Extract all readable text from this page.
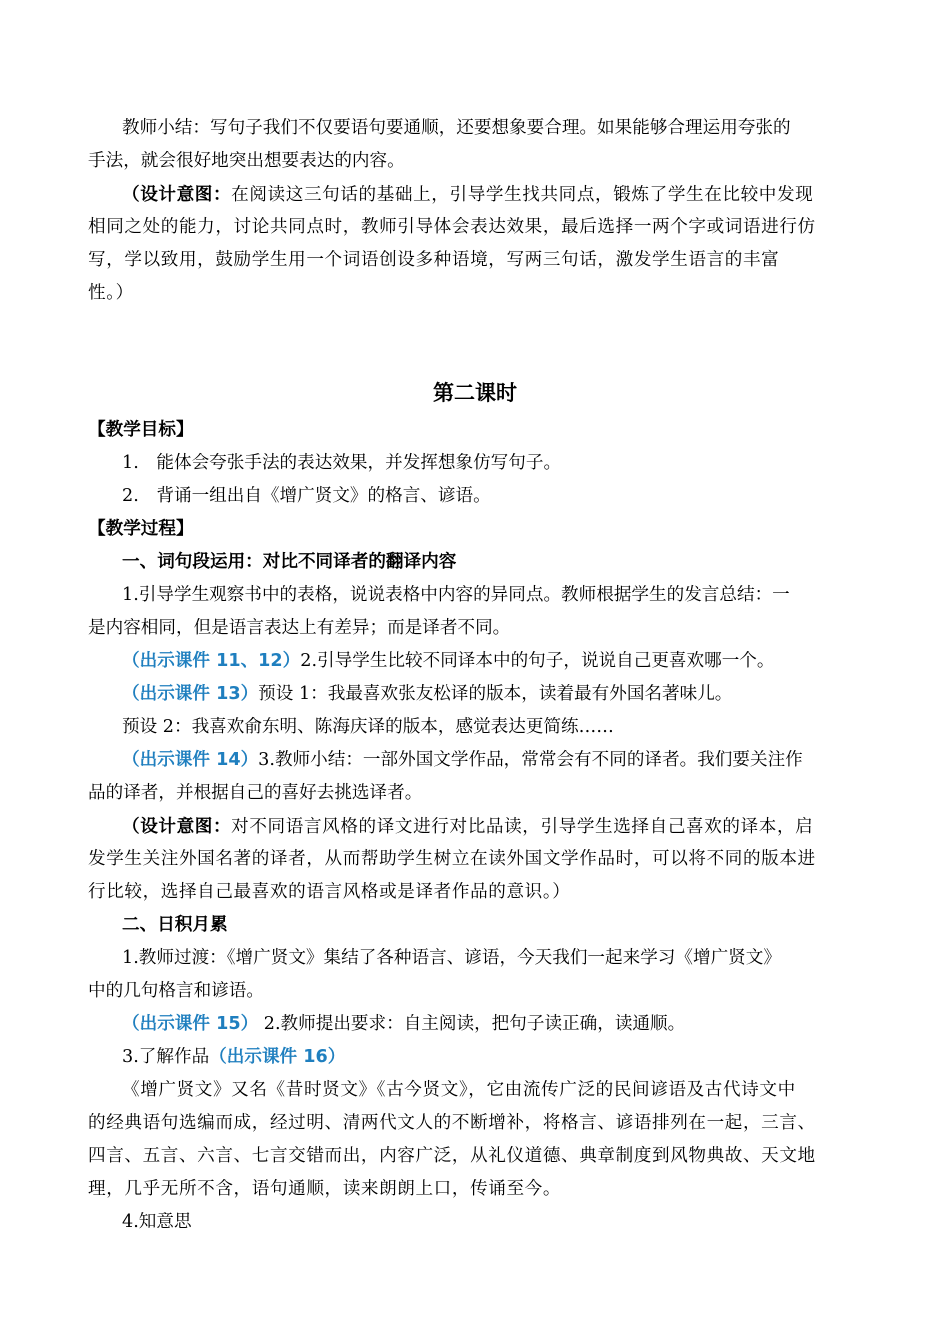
教师小结：写句子我们不仅要语句要通顺，还要想象要合理。如果能够合理运用夸张的

手法，就会很好地突出想要表达的内容。

（设计意图：在阅读这三句话的基础上，引导学生找共同点，锻炼了学生在比较中发现

相同之处的能力，讨论共同点时，教师引导体会表达效果，最后选择一两个字或词语进行仿

写，学以致用，鼓励学生用一个词语创设多种语境，写两三句话，激发学生语言的丰富

性。）

第二课时

【教学目标】

1.　能体会夸张手法的表达效果，并发挥想象仿写句子。

2.　背诵一组出自《增广贤文》的格言、谚语。

【教学过程】

一、词句段运用：对比不同译者的翻译内容

1.引导学生观察书中的表格，说说表格中内容的异同点。教师根据学生的发言总结：一

是内容相同，但是语言表达上有差异；而是译者不同。

（出示课件 11、12）2.引导学生比较不同译本中的句子，说说自己更喜欢哪一个。

（出示课件 13）预设 1：我最喜欢张友松译的版本，读着最有外国名著味儿。

预设 2：我喜欢俞东明、陈海庆译的版本，感觉表达更简练……

（出示课件 14）3.教师小结：一部外国文学作品，常常会有不同的译者。我们要关注作

品的译者，并根据自己的喜好去挑选译者。

（设计意图：对不同语言风格的译文进行对比品读，引导学生选择自己喜欢的译本，启

发学生关注外国名著的译者，从而帮助学生树立在读外国文学作品时，可以将不同的版本进

行比较，选择自己最喜欢的语言风格或是译者作品的意识。）

二、日积月累

1.教师过渡：《增广贤文》集结了各种语言、谚语，今天我们一起来学习《增广贤文》

中的几句格言和谚语。

（出示课件 15） 2.教师提出要求：自主阅读，把句子读正确，读通顺。

3.了解作品（出示课件 16）

《增广贤文》又名《昔时贤文》《古今贤文》，它由流传广泛的民间谚语及古代诗文中

的经典语句选编而成，经过明、清两代文人的不断增补，将格言、谚语排列在一起，三言、

四言、五言、六言、七言交错而出，内容广泛，从礼仪道德、典章制度到风物典故、天文地

理，几乎无所不含，语句通顺，读来朗朗上口，传诵至今。

4.知意思
